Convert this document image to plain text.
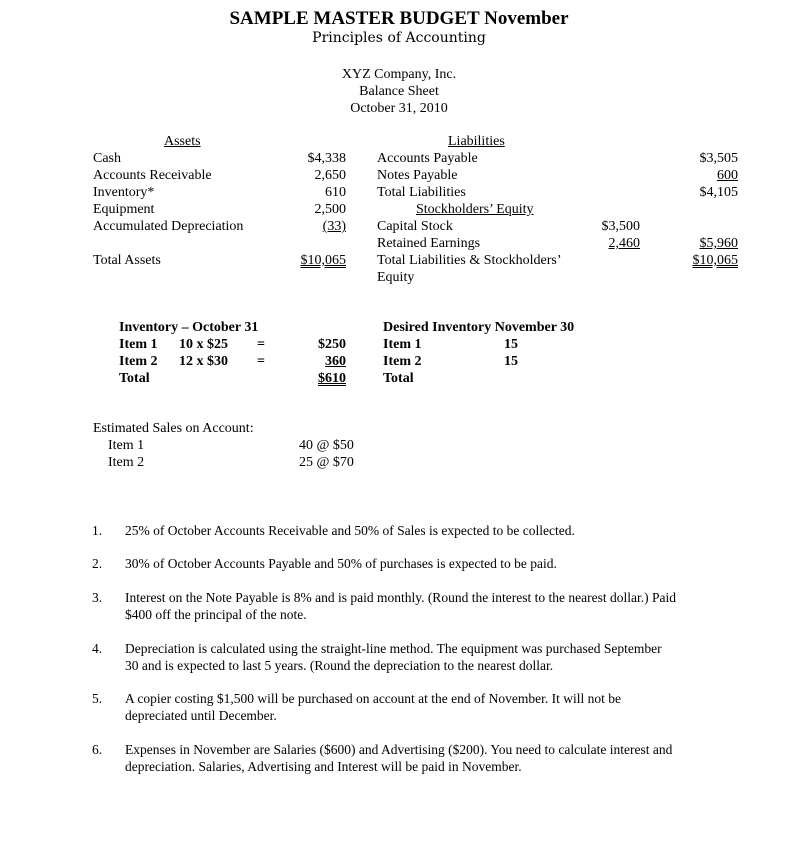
SAMPLE MASTER BUDGET November
Principles of Accounting
XYZ Company, Inc.
Balance Sheet
October 31, 2010
Assets
Cash	$4,338
Accounts Receivable	2,650
Inventory*	610
Equipment	2,500
Accumulated Depreciation	(33)
Total Assets	$10,065
Liabilities
Accounts Payable	$3,505
Notes Payable	600
Total Liabilities	$4,105
Stockholders’ Equity
Capital Stock	$3,500
Retained Earnings	2,460	$5,960
Total Liabilities & Stockholders’
Equity
$10,065
Inventory – October 31
Item 1 10 x $25 =	$250
Item 2 12 x $30 =	360
Total	$610
Desired Inventory November 30
Item 1	15
Item 2	15
Total
Estimated Sales on Account:
Item 1	40 @ $50
Item 2	25 @ $70
1. 25% of October Accounts Receivable and 50% of Sales is expected to be collected.
2. 30% of October Accounts Payable and 50% of purchases is expected to be paid.
3. Interest on the Note Payable is 8% and is paid monthly. (Round the interest to the nearest dollar.) Paid $400 off the principal of the note.
4. Depreciation is calculated using the straight-line method. The equipment was purchased September 30 and is expected to last 5 years. (Round the depreciation to the nearest dollar.
5. A copier costing $1,500 will be purchased on account at the end of November. It will not be depreciated until December.
6. Expenses in November are Salaries ($600) and Advertising ($200). You need to calculate interest and depreciation. Salaries, Advertising and Interest will be paid in November.
